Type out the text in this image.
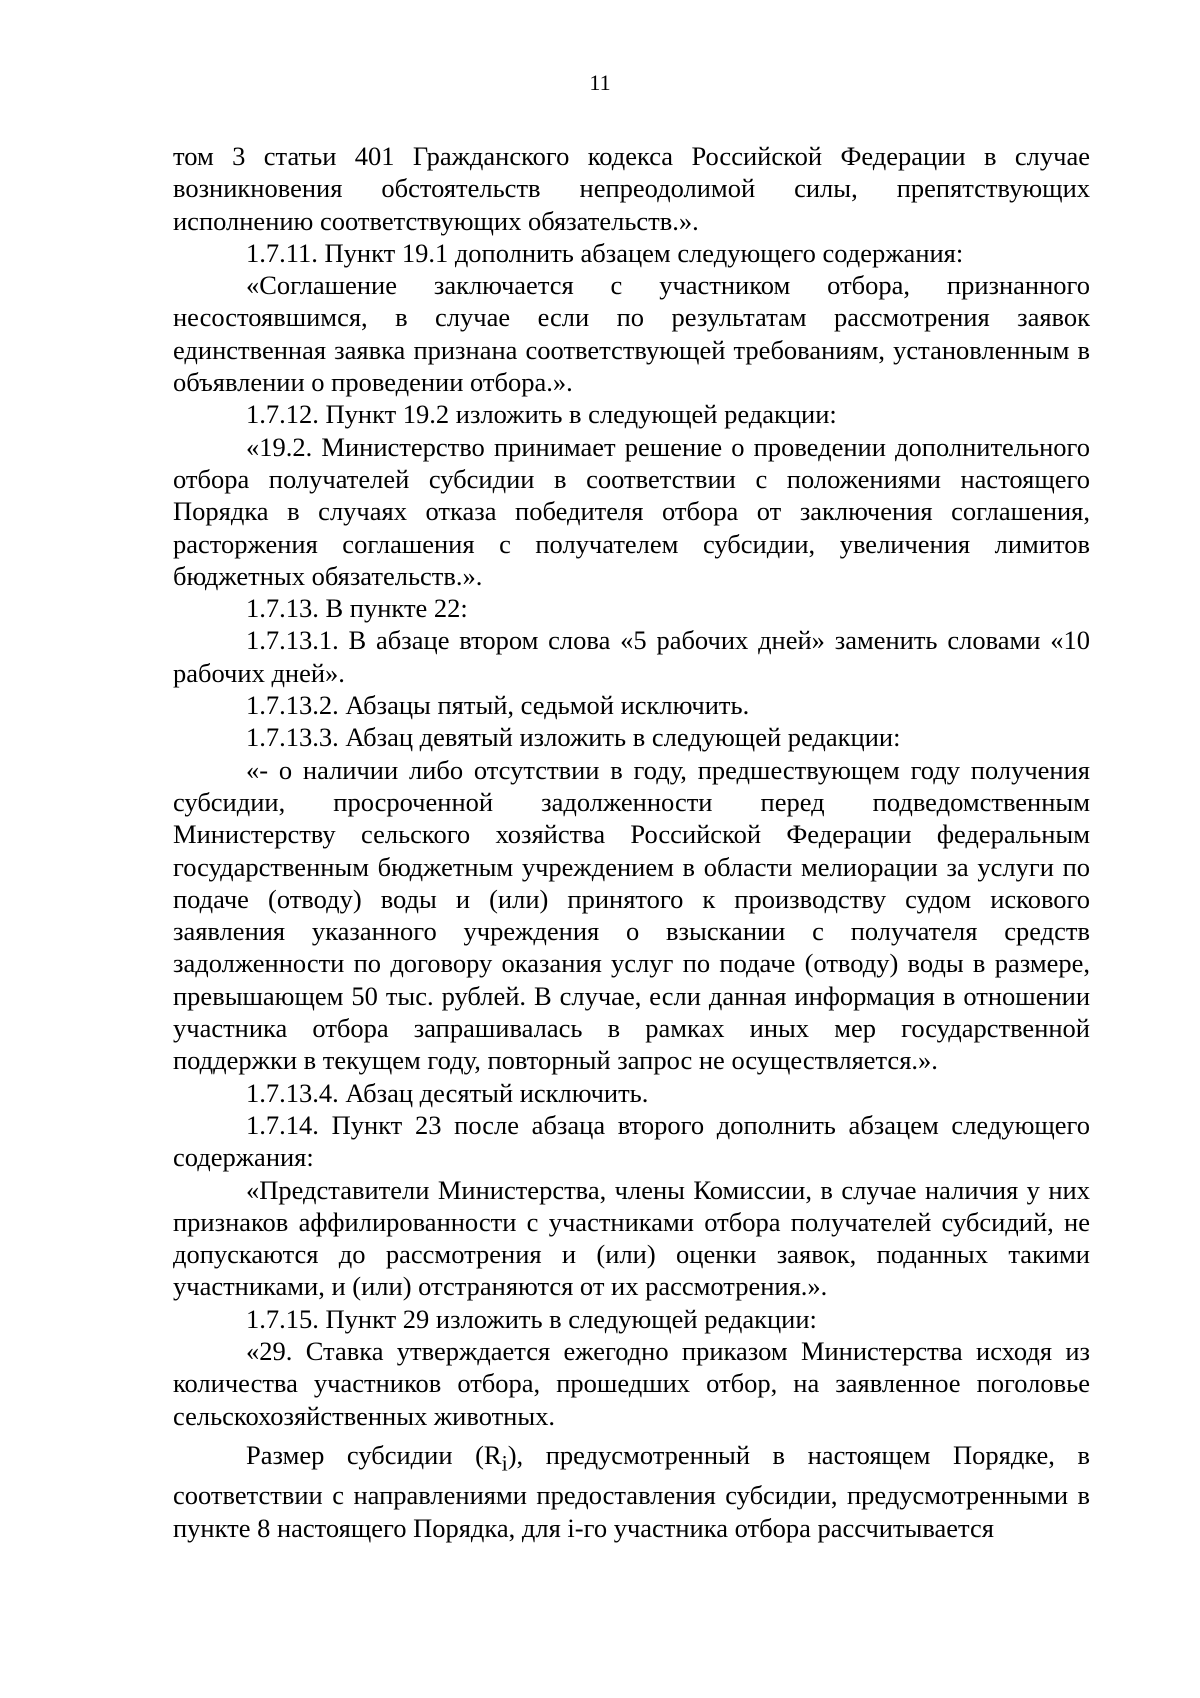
11

том 3 статьи 401 Гражданского кодекса Российской Федерации в случае возникновения обстоятельств непреодолимой силы, препятствующих исполнению соответствующих обязательств.».

1.7.11. Пункт 19.1 дополнить абзацем следующего содержания:

«Соглашение заключается с участником отбора, признанного несостоявшимся, в случае если по результатам рассмотрения заявок единственная заявка признана соответствующей требованиям, установленным в объявлении о проведении отбора.».

1.7.12. Пункт 19.2 изложить в следующей редакции:

«19.2. Министерство принимает решение о проведении дополнительного отбора получателей субсидии в соответствии с положениями настоящего Порядка в случаях отказа победителя отбора от заключения соглашения, расторжения соглашения с получателем субсидии, увеличения лимитов бюджетных обязательств.».

1.7.13. В пункте 22:

1.7.13.1. В абзаце втором слова «5 рабочих дней» заменить словами «10 рабочих дней».

1.7.13.2. Абзацы пятый, седьмой исключить.

1.7.13.3. Абзац девятый изложить в следующей редакции:

«- о наличии либо отсутствии в году, предшествующем году получения субсидии, просроченной задолженности перед подведомственным Министерству сельского хозяйства Российской Федерации федеральным государственным бюджетным учреждением в области мелиорации за услуги по подаче (отводу) воды и (или) принятого к производству судом искового заявления указанного учреждения о взыскании с получателя средств задолженности по договору оказания услуг по подаче (отводу) воды в размере, превышающем 50 тыс. рублей. В случае, если данная информация в отношении участника отбора запрашивалась в рамках иных мер государственной поддержки в текущем году, повторный запрос не осуществляется.».

1.7.13.4. Абзац десятый исключить.

1.7.14. Пункт 23 после абзаца второго дополнить абзацем следующего содержания:

«Представители Министерства, члены Комиссии, в случае наличия у них признаков аффилированности с участниками отбора получателей субсидий, не допускаются до рассмотрения и (или) оценки заявок, поданных такими участниками, и (или) отстраняются от их рассмотрения.».

1.7.15. Пункт 29 изложить в следующей редакции:

«29. Ставка утверждается ежегодно приказом Министерства исходя из количества участников отбора, прошедших отбор, на заявленное поголовье сельскохозяйственных животных.

Размер субсидии $(R_i)$, предусмотренный в настоящем Порядке, в соответствии с направлениями предоставления субсидии, предусмотренными в пункте 8 настоящего Порядка, для i-го участника отбора рассчитывается
